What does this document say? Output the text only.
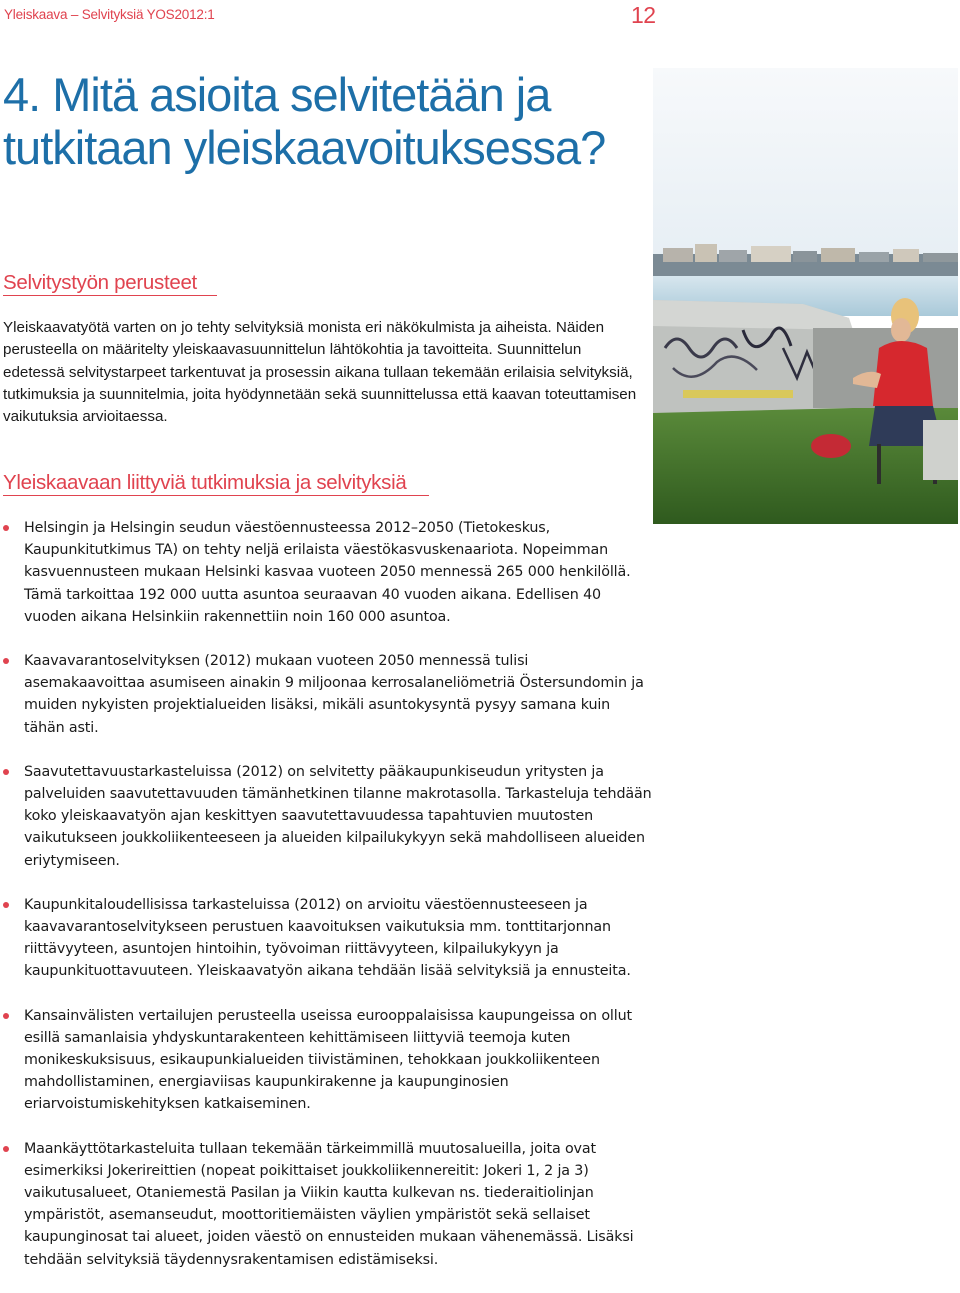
Yleiskaava – Selvityksiä YOS2012:1	12
4. Mitä asioita selvitetään ja tutkitaan yleiskaavoituksessa?
Selvitystyön perusteet

Yleiskaavatyötä varten on jo tehty selvityksiä monista eri näkökulmista ja aiheista. Näiden perusteella on määritelty yleiskaavasuunnittelun lähtökohtia ja tavoitteita. Suunnittelun edetessä selvitystarpeet tarkentuvat ja prosessin aikana tullaan tekemään erilaisia selvityksiä, tutkimuksia ja suunnitelmia, joita hyödynnetään sekä suunnittelussa että kaavan toteuttamisen vaikutuksia arvioitaessa.

Yleiskaavaan liittyviä tutkimuksia ja selvityksiä
Helsingin ja Helsingin seudun väestöennusteessa 2012–2050 (Tietokeskus, Kaupunkitutkimus TA) on tehty neljä erilaista väestökasvuskenaariota. Nopeimman kasvuennusteen mukaan Helsinki kasvaa vuoteen 2050 mennessä 265 000 henkilöllä. Tämä tarkoittaa 192 000 uutta asuntoa seuraavan 40 vuoden aikana. Edellisen 40 vuoden aikana Helsinkiin rakennettiin noin 160 000 asuntoa.
Kaavavarantoselvityksen (2012) mukaan vuoteen 2050 mennessä tulisi asemakaavoittaa asumiseen ainakin 9 miljoonaa kerrosalaneliömetriä Östersundomin ja muiden nykyisten projektialueiden lisäksi, mikäli asuntokysyntä pysyy samana kuin tähän asti.
Saavutettavuustarkasteluissa (2012) on selvitetty pääkaupunkiseudun yritysten ja palveluiden saavutettavuuden tämänhetkinen tilanne makrotasolla. Tarkasteluja tehdään koko yleiskaavatyön ajan keskittyen saavutettavuudessa tapahtuvien muutosten vaikutukseen joukkoliikenteeseen ja alueiden kilpailukykyyn sekä mahdolliseen alueiden eriytymiseen.
Kaupunkitaloudellisissa tarkasteluissa (2012) on arvioitu väestöennusteeseen ja kaavavarantoselvitykseen perustuen kaavoituksen vaikutuksia mm. tonttitarjonnan riittävyyteen, asuntojen hintoihin, työvoiman riittävyyteen, kilpailukykyyn ja kaupunkituottavuuteen. Yleiskaavatyön aikana tehdään lisää selvityksiä ja ennusteita.
Kansainvälisten vertailujen perusteella useissa eurooppalaisissa kaupungeissa on ollut esillä samanlaisia yhdyskuntarakenteen kehittämiseen liittyviä teemoja kuten monikeskuksisuus, esikaupunkialueiden tiivistäminen, tehokkaan joukkoliikenteen mahdollistaminen, energiaviisas kaupunkirakenne ja kaupunginosien eriarvoistumiskehityksen katkaiseminen.
Maankäyttötarkasteluita tullaan tekemään tärkeimmillä muutosalueilla, joita ovat esimerkiksi Jokerireittien (nopeat poikittaiset joukkoliikennereitit: Jokeri 1, 2 ja 3) vaikutusalueet, Otaniemestä Pasilan ja Viikin kautta kulkevan ns. tiederaitiolinjan ympäristöt, asemanseudut, moottoritiemäisten väylien ympäristöt sekä sellaiset kaupunginosat tai alueet, joiden väestö on ennusteiden mukaan vähenemässä. Lisäksi tehdään selvityksiä täydennysrakentamisen edistämiseksi.
